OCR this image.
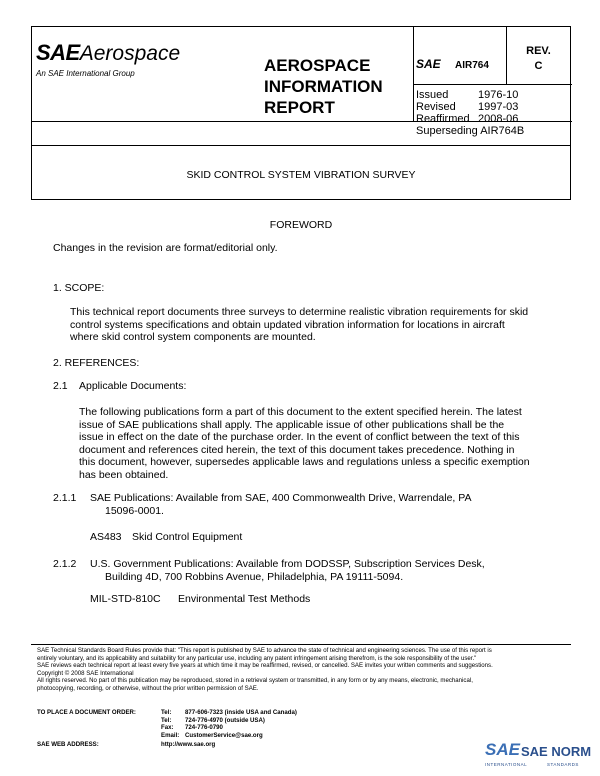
SAEAerospace
An SAE International Group	AEROSPACE
INFORMATION
REPORT
SAE AIR764
REV.
C
Issued	1976-10
Revised	1997-03
Reaffirmed 2008-06
Superseding AIR764B
SKID CONTROL SYSTEM VIBRATION SURVEY
FOREWORD
Changes in the revision are format/editorial only.
1. SCOPE:
This technical report documents three surveys to determine realistic vibration requirements for skid
control systems specifications and obtain updated vibration information for locations in aircraft
where skid control system components are mounted.
2. REFERENCES:
2.1 Applicable Documents:
The following publications form a part of this document to the extent specified herein. The latest
issue of SAE publications shall apply. The applicable issue of other publications shall be the
issue in effect on the date of the purchase order. In the event of conflict between the text of this
document and references cited herein, the text of this document takes precedence. Nothing in
this document, however, supersedes applicable laws and regulations unless a specific exemption
has been obtained.
2.1.1 SAE Publications: Available from SAE, 400 Commonwealth Drive, Warrendale, PA
15096-0001.
AS483 Skid Control Equipment
2.1.2 U.S. Government Publications: Available from DODSSP, Subscription Services Desk,
Building 4D, 700 Robbins Avenue, Philadelphia, PA 19111-5094.
MIL-STD-810C Environmental Test Methods
SAE Technical Standards Board Rules provide that: "This report is published by SAE to advance the state of technical and engineering sciences. The use of this report is
entirely voluntary, and its applicability and suitability for any particular use, including any patent infringement arising therefrom, is the sole responsibility of the user."
SAE reviews each technical report at least every five years at which time it may be reaffirmed, revised, or cancelled. SAE invites your written comments and suggestions.
Copyright © 2008 SAE International
All rights reserved. No part of this publication may be reproduced, stored in a retrieval system or transmitted, in any form or by any means, electronic, mechanical,
photocopying, recording, or otherwise, without the prior written permission of SAE.
TO PLACE A DOCUMENT ORDER:	Tel:	877-606-7323 (inside USA and Canada)
Tel:	724-776-4970 (outside USA)
Fax:	724-776-0790
Email: CustomerService@sae.org
SAE WEB ADDRESS:	http://www.sae.org	SAE SAE NORM
INTERNATIONAL	STANDARDS
